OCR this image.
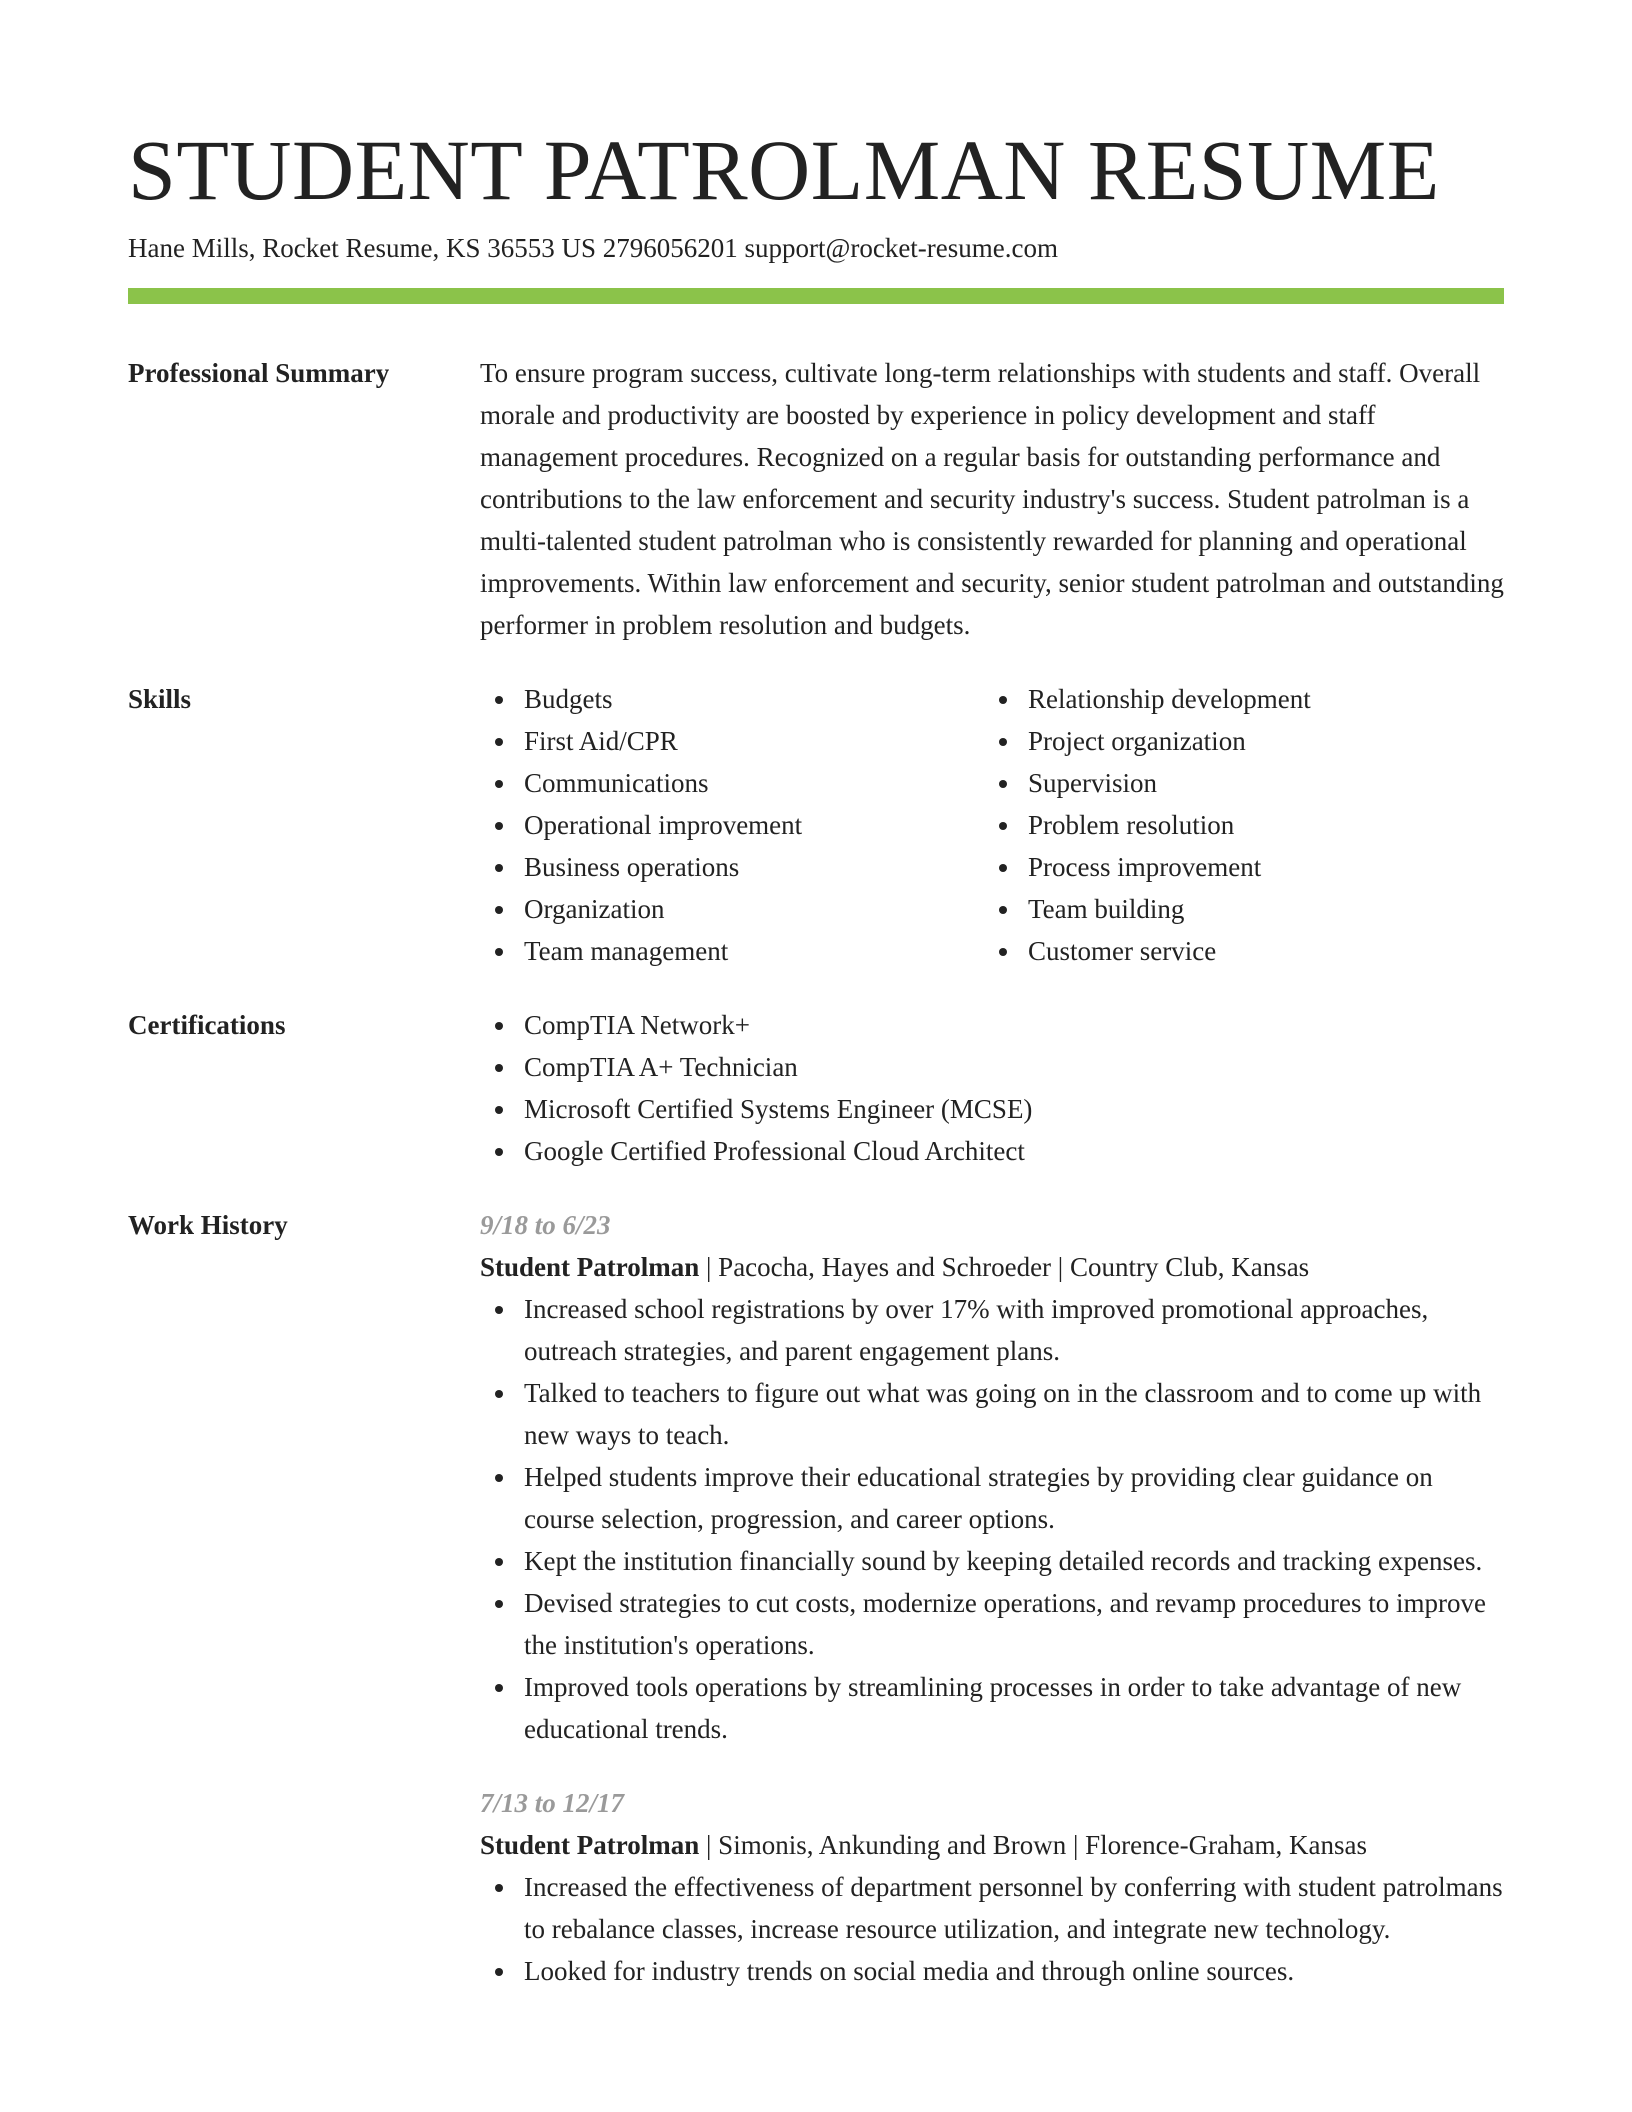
STUDENT PATROLMAN RESUME
Hane Mills, Rocket Resume, KS 36553 US 2796056201 support@rocket-resume.com
Professional Summary	To ensure program success, cultivate long-term relationships with students and staff. Overall morale and productivity are boosted by experience in policy development and staff management procedures. Recognized on a regular basis for outstanding performance and contributions to the law enforcement and security industry's success. Student patrolman is a multi-talented student patrolman who is consistently rewarded for planning and operational improvements. Within law enforcement and security, senior student patrolman and outstanding performer in problem resolution and budgets.

Skills	Budgets
First Aid/CPR
Communications
Operational improvement
Business operations
Organization
Team management
Relationship development
Project organization
Supervision
Problem resolution
Process improvement
Team building
Customer service
Certifications	CompTIA Network+
CompTIA A+ Technician
Microsoft Certified Systems Engineer (MCSE)
Google Certified Professional Cloud Architect
Work History	9/18 to 6/23
Student Patrolman | Pacocha, Hayes and Schroeder | Country Club, Kansas
Increased school registrations by over 17% with improved promotional approaches, outreach strategies, and parent engagement plans.
Talked to teachers to figure out what was going on in the classroom and to come up with new ways to teach.
Helped students improve their educational strategies by providing clear guidance on course selection, progression, and career options.
Kept the institution financially sound by keeping detailed records and tracking expenses.
Devised strategies to cut costs, modernize operations, and revamp procedures to improve the institution's operations.
Improved tools operations by streamlining processes in order to take advantage of new educational trends.
7/13 to 12/17
Student Patrolman | Simonis, Ankunding and Brown | Florence-Graham, Kansas
Increased the effectiveness of department personnel by conferring with student patrolmans to rebalance classes, increase resource utilization, and integrate new technology.
Looked for industry trends on social media and through online sources.
